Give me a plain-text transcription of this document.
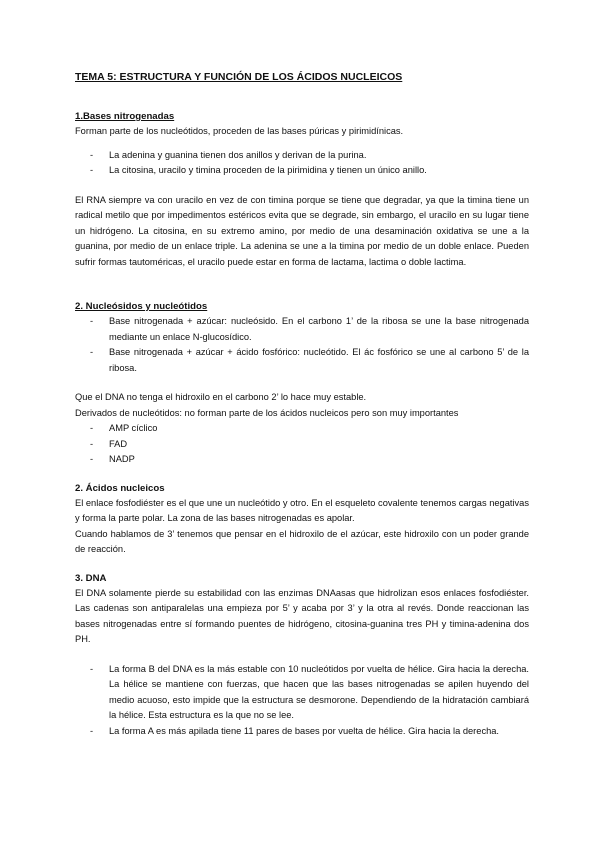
TEMA 5: ESTRUCTURA Y FUNCIÓN DE LOS ÁCIDOS NUCLEICOS
1.Bases nitrogenadas

Forman parte de los nucleótidos, proceden de las bases púricas y pirimidínicas.

- La adenina y guanina tienen dos anillos y derivan de la purina.
- La citosina, uracilo y timina proceden de la pirimidina y tienen un único anillo.

El RNA siempre va con uracilo en vez de con timina porque se tiene que degradar, ya que la timina tiene un radical metilo que por impedimentos estéricos evita que se degrade, sin embargo, el uracilo en su lugar tiene un hidrógeno. La citosina, en su extremo amino, por medio de una desaminación oxidativa se une a la guanina, por medio de un enlace triple. La adenina se une a la timina por medio de un doble enlace. Pueden sufrir formas tautoméricas, el uracilo puede estar en forma de lactama, lactima o doble lactima.

2. Nucleósidos y nucleótidos
- Base nitrogenada + azúcar: nucleósido. En el carbono 1’ de la ribosa se une la base nitrogenada mediante un enlace N-glucosídico.
- Base nitrogenada + azúcar + ácido fosfórico: nucleótido. El ác fosfórico se une al carbono 5’ de la ribosa.

Que el DNA no tenga el hidroxilo en el carbono 2’ lo hace muy estable.

Derivados de nucleótidos: no forman parte de los ácidos nucleicos pero son muy importantes

- AMP cíclico
- FAD
- NADP
2. Ácidos nucleicos

El enlace fosfodiéster es el que une un nucleótido y otro. En el esqueleto covalente tenemos cargas negativas y forma la parte polar. La zona de las bases nitrogenadas es apolar.

Cuando hablamos de 3’ tenemos que pensar en el hidroxilo de el azúcar, este hidroxilo con un poder grande de reacción.

3. DNA

El DNA solamente pierde su estabilidad con las enzimas DNAasas que hidrolizan esos enlaces fosfodiéster. Las cadenas son antiparalelas una empieza por 5’ y acaba por 3’ y la otra al revés. Donde reaccionan las bases nitrogenadas entre sí formando puentes de hidrógeno, citosina-guanina tres PH y timina-adenina dos PH.

- La forma B del DNA es la más estable con 10 nucleótidos por vuelta de hélice. Gira hacia la derecha. La hélice se mantiene con fuerzas, que hacen que las bases nitrogenadas se apilen huyendo del medio acuoso, esto impide que la estructura se desmorone. Dependiendo de la hidratación cambiará la hélice. Esta estructura es la que no se lee.
- La forma A es más apilada tiene 11 pares de bases por vuelta de hélice. Gira hacia la derecha.
